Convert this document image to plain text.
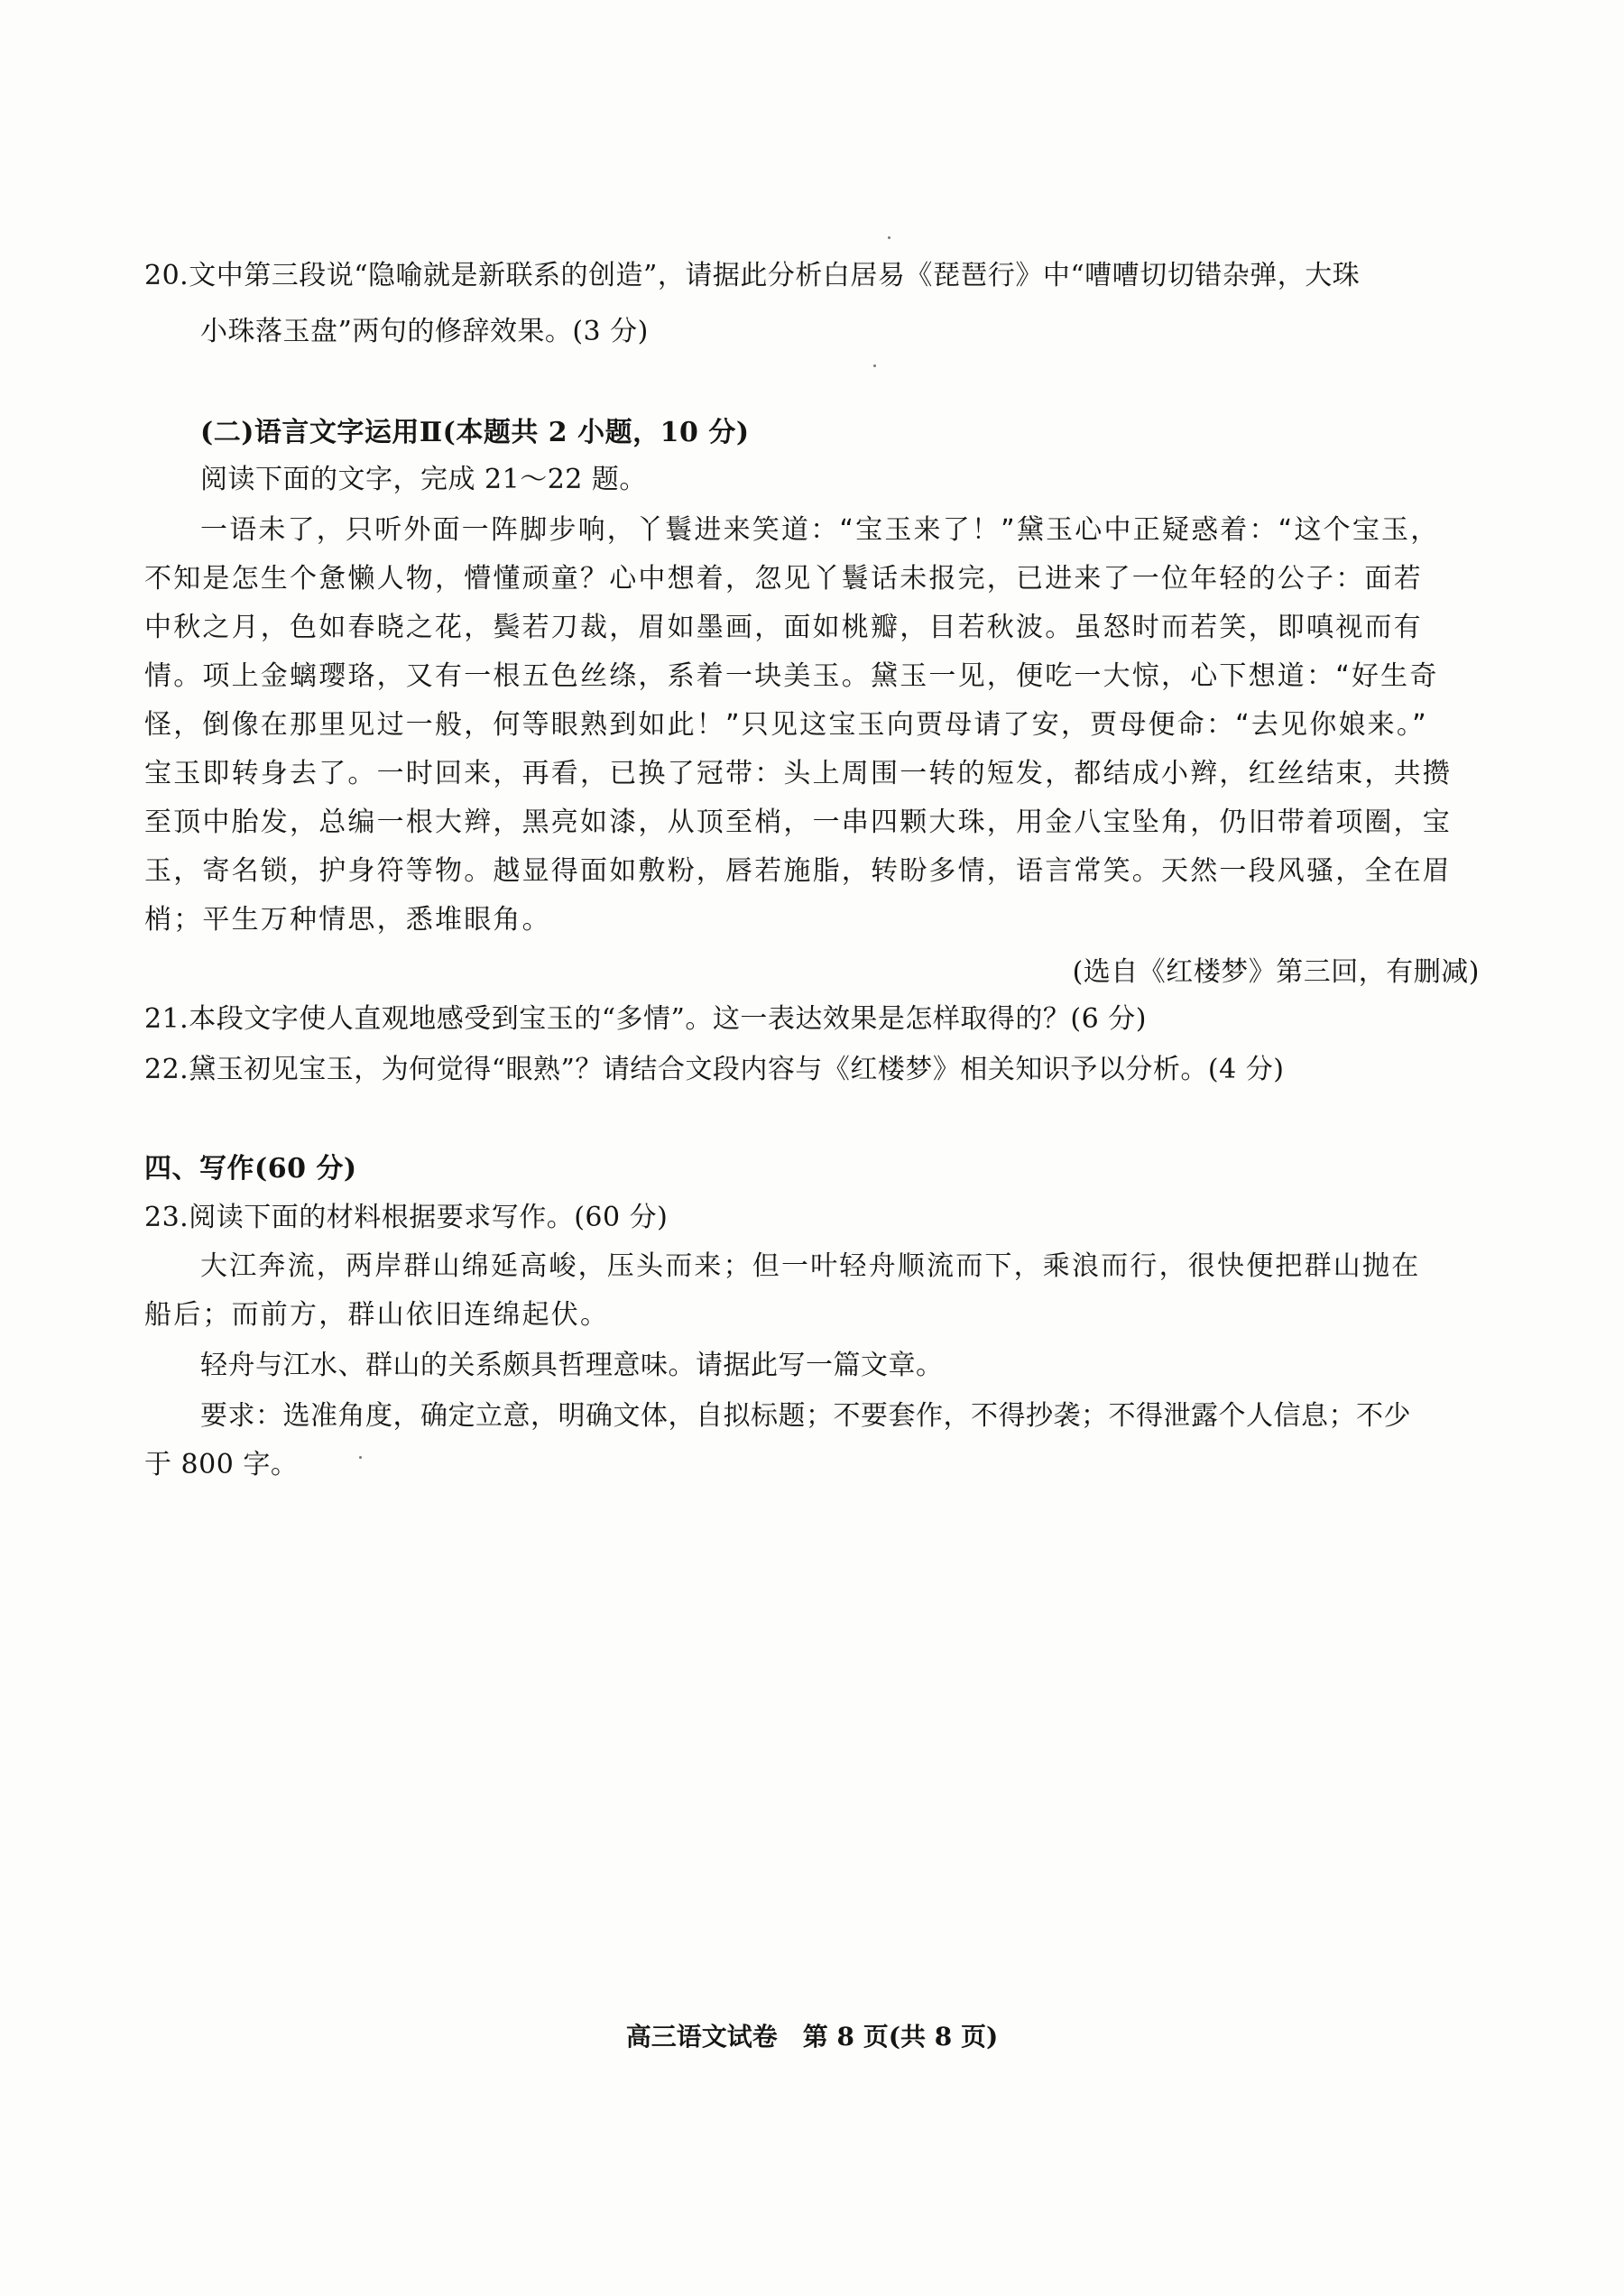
20.文中第三段说“隐喻就是新联系的创造”，请据此分析白居易《琵琶行》中“嘈嘈切切错杂弹，大珠
小珠落玉盘”两句的修辞效果。(3 分)
(二)语言文字运用Ⅱ(本题共 2 小题，10 分)
阅读下面的文字，完成 21～22 题。
一语未了，只听外面一阵脚步响，丫鬟进来笑道：“宝玉来了！”黛玉心中正疑惑着：“这个宝玉，
不知是怎生个惫懒人物，懵懂顽童？心中想着，忽见丫鬟话未报完，已进来了一位年轻的公子：面若
中秋之月，色如春晓之花，鬓若刀裁，眉如墨画，面如桃瓣，目若秋波。虽怒时而若笑，即嗔视而有
情。项上金螭璎珞，又有一根五色丝绦，系着一块美玉。黛玉一见，便吃一大惊，心下想道：“好生奇
怪，倒像在那里见过一般，何等眼熟到如此！”只见这宝玉向贾母请了安，贾母便命：“去见你娘来。”
宝玉即转身去了。一时回来，再看，已换了冠带：头上周围一转的短发，都结成小辫，红丝结束，共攒
至顶中胎发，总编一根大辫，黑亮如漆，从顶至梢，一串四颗大珠，用金八宝坠角，仍旧带着项圈，宝
玉，寄名锁，护身符等物。越显得面如敷粉，唇若施脂，转盼多情，语言常笑。天然一段风骚，全在眉
梢；平生万种情思，悉堆眼角。
(选自《红楼梦》第三回，有删减)
21.本段文字使人直观地感受到宝玉的“多情”。这一表达效果是怎样取得的？(6 分)
22.黛玉初见宝玉，为何觉得“眼熟”？请结合文段内容与《红楼梦》相关知识予以分析。(4 分)
四、写作(60 分)
23.阅读下面的材料根据要求写作。(60 分)
大江奔流，两岸群山绵延高峻，压头而来；但一叶轻舟顺流而下，乘浪而行，很快便把群山抛在
船后；而前方，群山依旧连绵起伏。
轻舟与江水、群山的关系颇具哲理意味。请据此写一篇文章。
要求：选准角度，确定立意，明确文体，自拟标题；不要套作，不得抄袭；不得泄露个人信息；不少
于 800 字。
高三语文试卷　第 8 页(共 8 页)
